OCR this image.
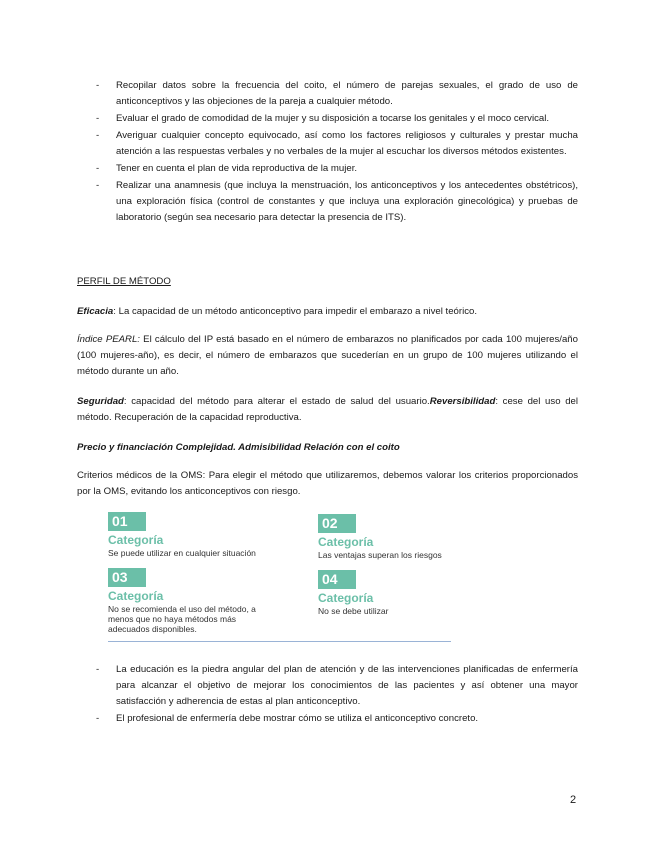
- Recopilar datos sobre la frecuencia del coito, el número de parejas sexuales, el grado de uso de anticonceptivos y las objeciones de la pareja a cualquier método.
- Evaluar el grado de comodidad de la mujer y su disposición a tocarse los genitales y el moco cervical.
- Averiguar cualquier concepto equivocado, así como los factores religiosos y culturales y prestar mucha atención a las respuestas verbales y no verbales de la mujer al escuchar los diversos métodos existentes.
- Tener en cuenta el plan de vida reproductiva de la mujer.
- Realizar una anamnesis (que incluya la menstruación, los anticonceptivos y los antecedentes obstétricos), una exploración física (control de constantes y que incluya una exploración ginecológica) y pruebas de laboratorio (según sea necesario para detectar la presencia de ITS).

PERFIL DE MÉTODO

Eficacia: La capacidad de un método anticonceptivo para impedir el embarazo a nivel teórico.

Índice PEARL: El cálculo del IP está basado en el número de embarazos no planificados por cada 100 mujeres/año (100 mujeres-año), es decir, el número de embarazos que sucederían en un grupo de 100 mujeres utilizando el método durante un año.

Seguridad: capacidad del método para alterar el estado de salud del usuario.Reversibilidad: cese del uso del método. Recuperación de la capacidad reproductiva.

Precio y financiación Complejidad. Admisibilidad Relación con el coito

Criterios médicos de la OMS: Para elegir el método que utilizaremos, debemos valorar los criterios proporcionados por la OMS, evitando los anticonceptivos con riesgo.

01
Categoría
Se puede utilizar en cualquier situación
02
Categoría
Las ventajas superan los riesgos
03
Categoría
No se recomienda el uso del método, a menos que no haya métodos más adecuados disponibles.
04
Categoría
No se debe utilizar
- La educación es la piedra angular del plan de atención y de las intervenciones planificadas de enfermería para alcanzar el objetivo de mejorar los conocimientos de las pacientes y así obtener una mayor satisfacción y adherencia de estas al plan anticonceptivo.
- El profesional de enfermería debe mostrar cómo se utiliza el anticonceptivo concreto.
2
